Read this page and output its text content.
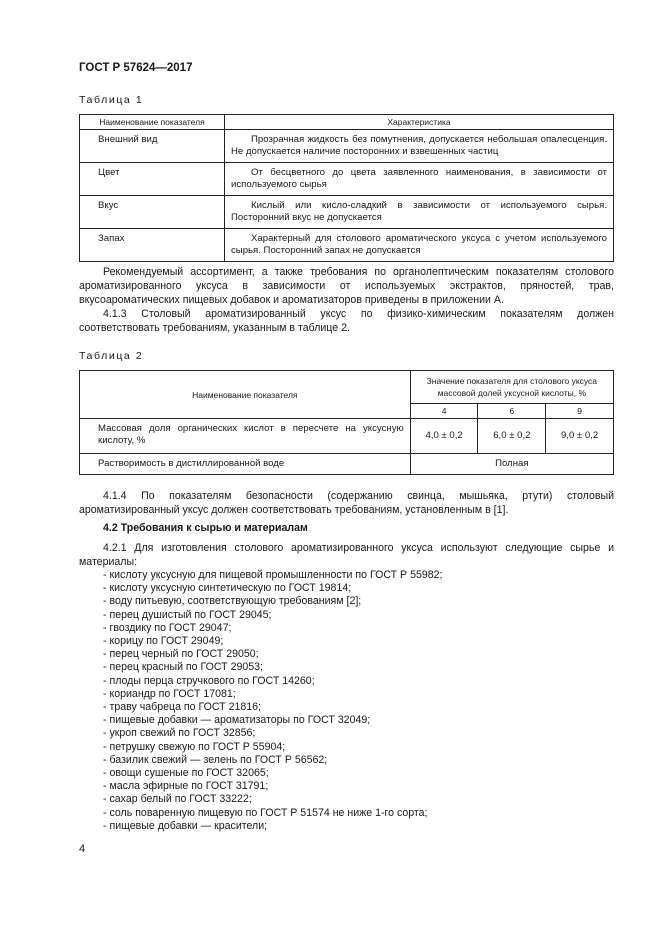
ГОСТ Р 57624—2017
Таблица 1
Наименование показателя	Характеристика
Внешний вид	Прозрачная жидкость без помутнения, допускается небольшая опалесценция. Не допускается наличие посторонних и взвешенных частиц
Цвет	От бесцветного до цвета заявленного наименования, в зависимости от используемого сырья
Вкус	Кислый или кисло-сладкий в зависимости от используемого сырья. Посторонний вкус не допускается
Запах	Характерный для столового ароматического уксуса с учетом используемого сырья. Посторонний запах не допускается
Рекомендуемый ассортимент, а также требования по органолептическим показателям столового ароматизированного уксуса в зависимости от используемых экстрактов, пряностей, трав, вкусоароматических пищевых добавок и ароматизаторов приведены в приложении А.
4.1.3 Столовый ароматизированный уксус по физико-химическим показателям должен соответствовать требованиям, указанным в таблице 2.
Таблица 2
Наименование показателя	Значение показателя для столового уксуса массовой долей уксусной кислоты, %		
	4	6	9
Массовая доля органических кислот в пересчете на уксусную кислоту, %	4,0 ± 0,2	6,0 ± 0,2	9,0 ± 0,2
Растворимость в дистиллированной воде	Полная		
4.1.4 По показателям безопасности (содержанию свинца, мышьяка, ртути) столовый ароматизированный уксус должен соответствовать требованиям, установленным в [1].
4.2 Требования к сырью и материалам
4.2.1 Для изготовления столового ароматизированного уксуса используют следующие сырье и материалы:
- кислоту уксусную для пищевой промышленности по ГОСТ Р 55982;
- кислоту уксусную синтетическую по ГОСТ 19814;
- воду питьевую, соответствующую требованиям [2];
- перец душистый по ГОСТ 29045;
- гвоздику по ГОСТ 29047;
- корицу по ГОСТ 29049;
- перец черный по ГОСТ 29050;
- перец красный по ГОСТ 29053;
- плоды перца стручкового по ГОСТ 14260;
- кориандр по ГОСТ 17081;
- траву чабреца по ГОСТ 21816;
- пищевые добавки — ароматизаторы по ГОСТ 32049;
- укроп свежий по ГОСТ 32856;
- петрушку свежую по ГОСТ Р 55904;
- базилик свежий — зелень по ГОСТ Р 56562;
- овощи сушеные по ГОСТ 32065;
- масла эфирные по ГОСТ 31791;
- сахар белый по ГОСТ 33222;
- соль поваренную пищевую по ГОСТ Р 51574 не ниже 1-го сорта;
- пищевые добавки — красители;
4
